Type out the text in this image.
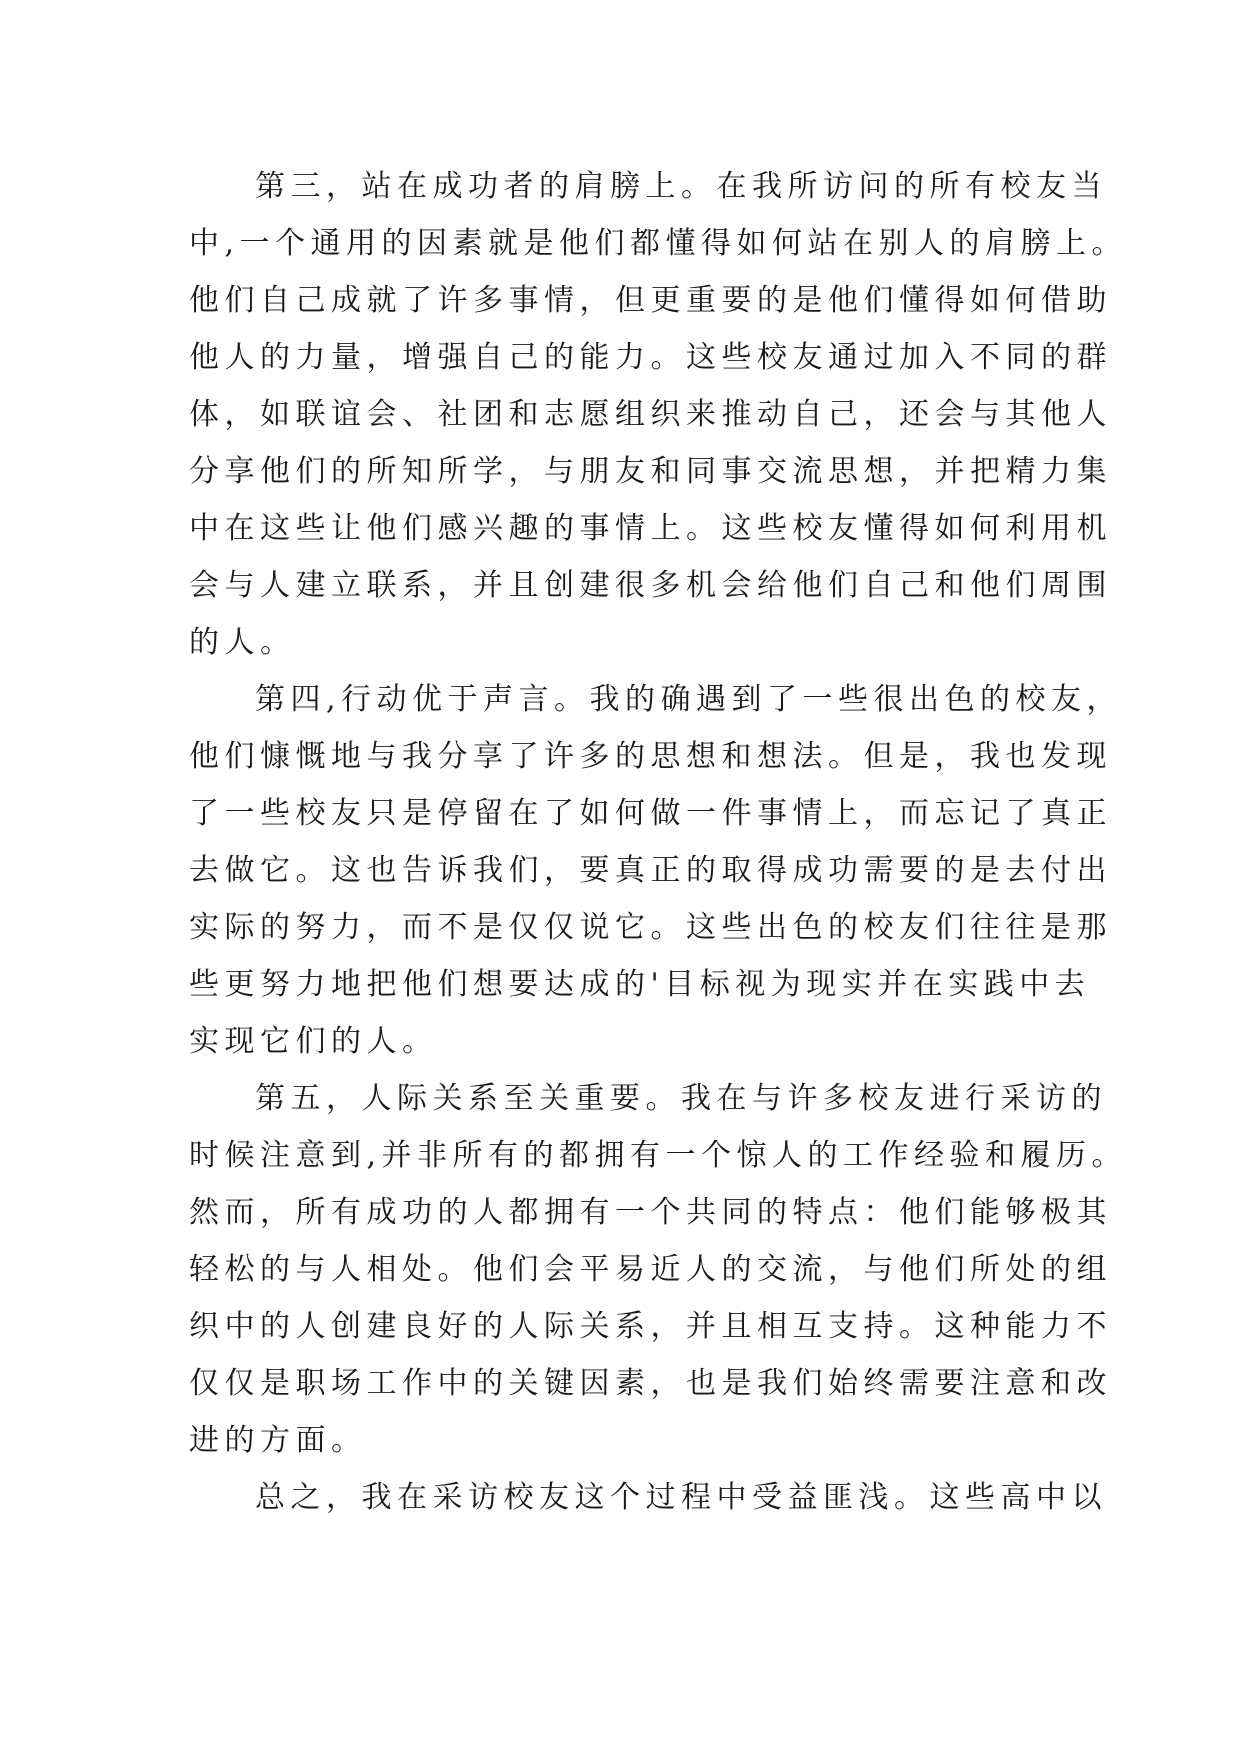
第三，站在成功者的肩膀上。在我所访问的所有校友当
中,一个通用的因素就是他们都懂得如何站在别人的肩膀上。
他们自己成就了许多事情，但更重要的是他们懂得如何借助
他人的力量，增强自己的能力。这些校友通过加入不同的群
体，如联谊会、社团和志愿组织来推动自己，还会与其他人
分享他们的所知所学，与朋友和同事交流思想，并把精力集
中在这些让他们感兴趣的事情上。这些校友懂得如何利用机
会与人建立联系，并且创建很多机会给他们自己和他们周围
的人。
第四,行动优于声言。我的确遇到了一些很出色的校友，
他们慷慨地与我分享了许多的思想和想法。但是，我也发现
了一些校友只是停留在了如何做一件事情上，而忘记了真正
去做它。这也告诉我们，要真正的取得成功需要的是去付出
实际的努力，而不是仅仅说它。这些出色的校友们往往是那
些更努力地把他们想要达成的'目标视为现实并在实践中去
实现它们的人。
第五，人际关系至关重要。我在与许多校友进行采访的
时候注意到,并非所有的都拥有一个惊人的工作经验和履历。
然而，所有成功的人都拥有一个共同的特点：他们能够极其
轻松的与人相处。他们会平易近人的交流，与他们所处的组
织中的人创建良好的人际关系，并且相互支持。这种能力不
仅仅是职场工作中的关键因素，也是我们始终需要注意和改
进的方面。
总之，我在采访校友这个过程中受益匪浅。这些高中以
